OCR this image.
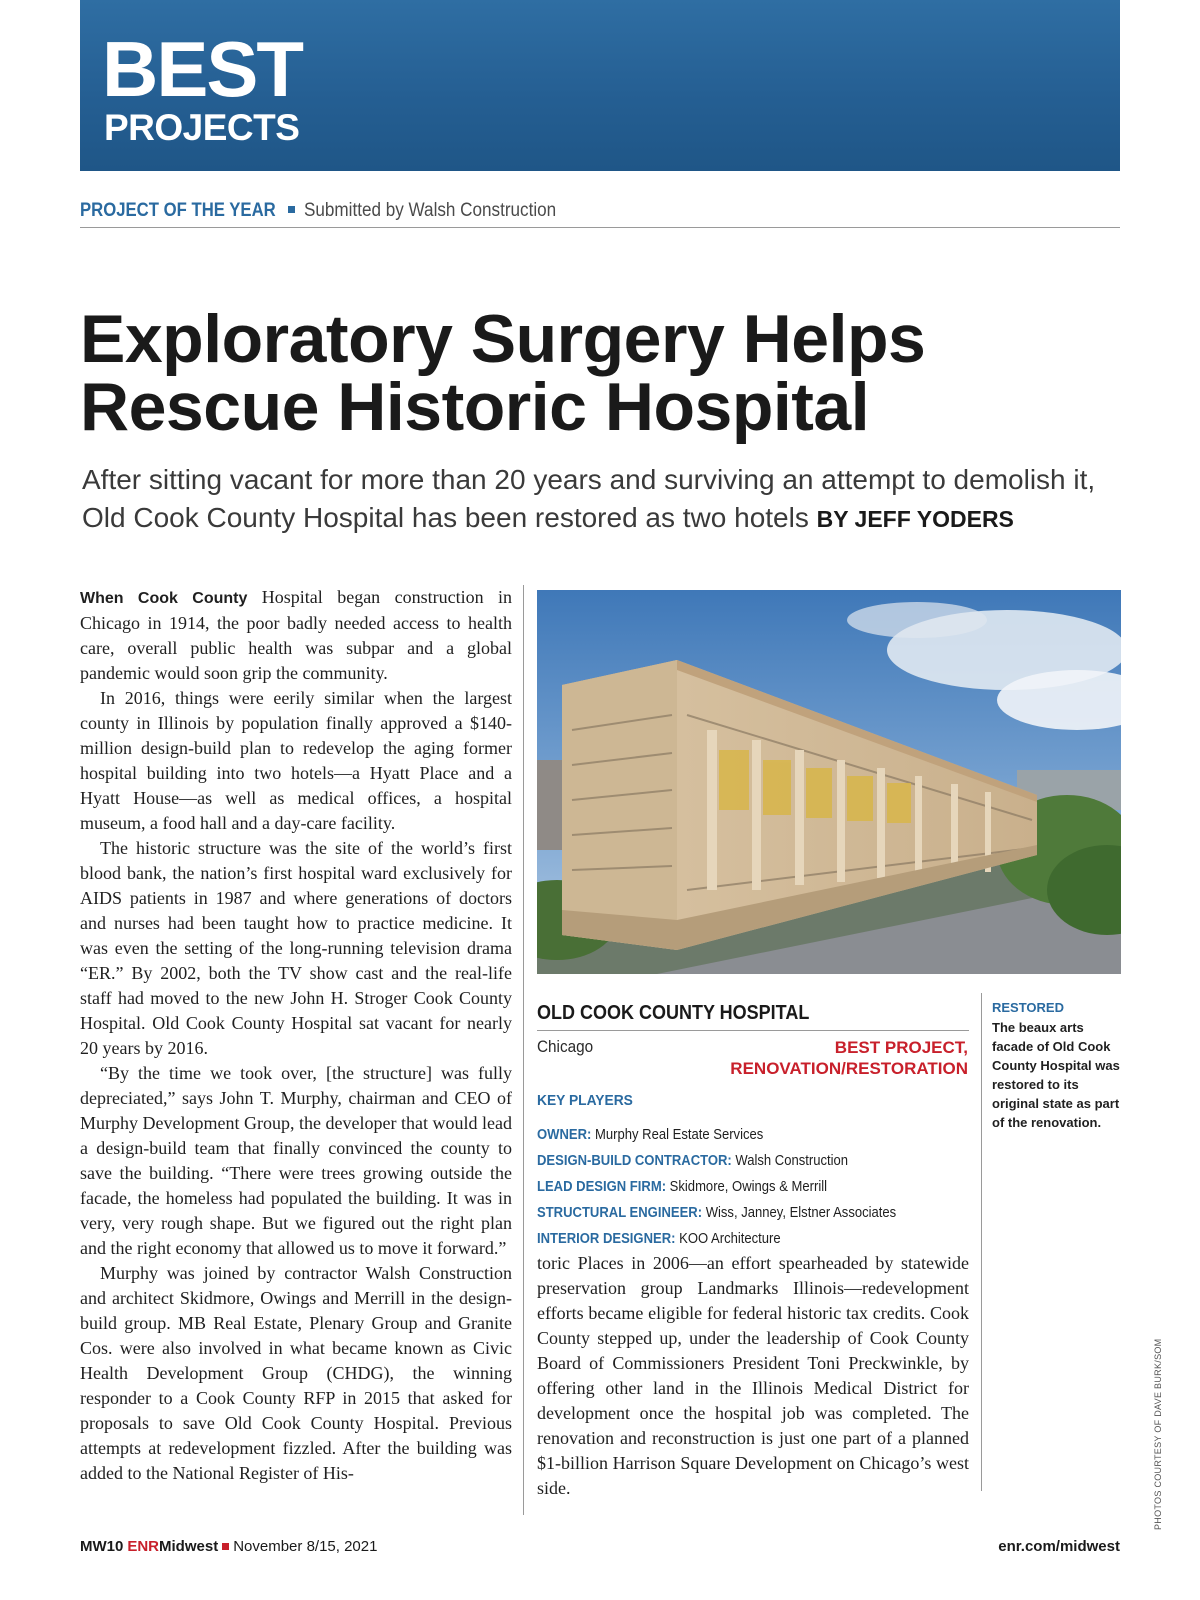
BEST
PROJECTS
PROJECT OF THE YEAR Submitted by Walsh Construction
Exploratory Surgery Helps
Rescue Historic Hospital

After sitting vacant for more than 20 years and surviving an attempt to demolish it, Old Cook County Hospital has been restored as two hotels BY JEFF YODERS

When Cook County Hospital began construction in Chicago in 1914, the poor badly needed access to health care, overall public health was subpar and a global pandemic would soon grip the community.

In 2016, things were eerily similar when the largest county in Illinois by population finally approved a $140-million design-build plan to redevelop the aging former hospital building into two hotels—a Hyatt Place and a Hyatt House—as well as medical offices, a hospital museum, a food hall and a day-care facility.

The historic structure was the site of the world’s first blood bank, the nation’s first hospital ward exclusively for AIDS patients in 1987 and where generations of doctors and nurses had been taught how to practice medicine. It was even the setting of the long-running television drama “ER.” By 2002, both the TV show cast and the real-life staff had moved to the new John H. Stroger Cook County Hospital. Old Cook County Hospital sat vacant for nearly 20 years by 2016.

“By the time we took over, [the structure] was fully depreciated,” says John T. Murphy, chairman and CEO of Murphy Development Group, the developer that would lead a design-build team that finally convinced the county to save the building. “There were trees growing outside the facade, the homeless had populated the building. It was in very, very rough shape. But we figured out the right plan and the right economy that allowed us to move it forward.”

Murphy was joined by contractor Walsh Construction and architect Skidmore, Owings and Merrill in the design-build group. MB Real Estate, Plenary Group and Granite Cos. were also involved in what became known as Civic Health Development Group (CHDG), the winning responder to a Cook County RFP in 2015 that asked for proposals to save Old Cook County Hospital. Previous attempts at redevelopment fizzled. After the building was added to the National Register of His-

OLD COOK COUNTY HOSPITAL
Chicago	BEST PROJECT,
RENOVATION/RESTORATION
KEY PLAYERS
OWNER: Murphy Real Estate Services
DESIGN-BUILD CONTRACTOR: Walsh Construction
LEAD DESIGN FIRM: Skidmore, Owings & Merrill
STRUCTURAL ENGINEER: Wiss, Janney, Elstner Associates
INTERIOR DESIGNER: KOO Architecture

toric Places in 2006—an effort spearheaded by statewide preservation group Landmarks Illinois—redevelopment efforts became eligible for federal historic tax credits. Cook County stepped up, under the leadership of Cook County Board of Commissioners President Toni Preckwinkle, by offering other land in the Illinois Medical District for development once the hospital job was completed. The renovation and reconstruction is just one part of a planned $1-billion Harrison Square Development on Chicago’s west side.

RESTORED
The beaux arts facade of Old Cook County Hospital was restored to its original state as part of the renovation.
PHOTOS COURTESY OF DAVE BURK/SOM
MW10 ENRMidwest November 8/15, 2021	enr.com/midwest
